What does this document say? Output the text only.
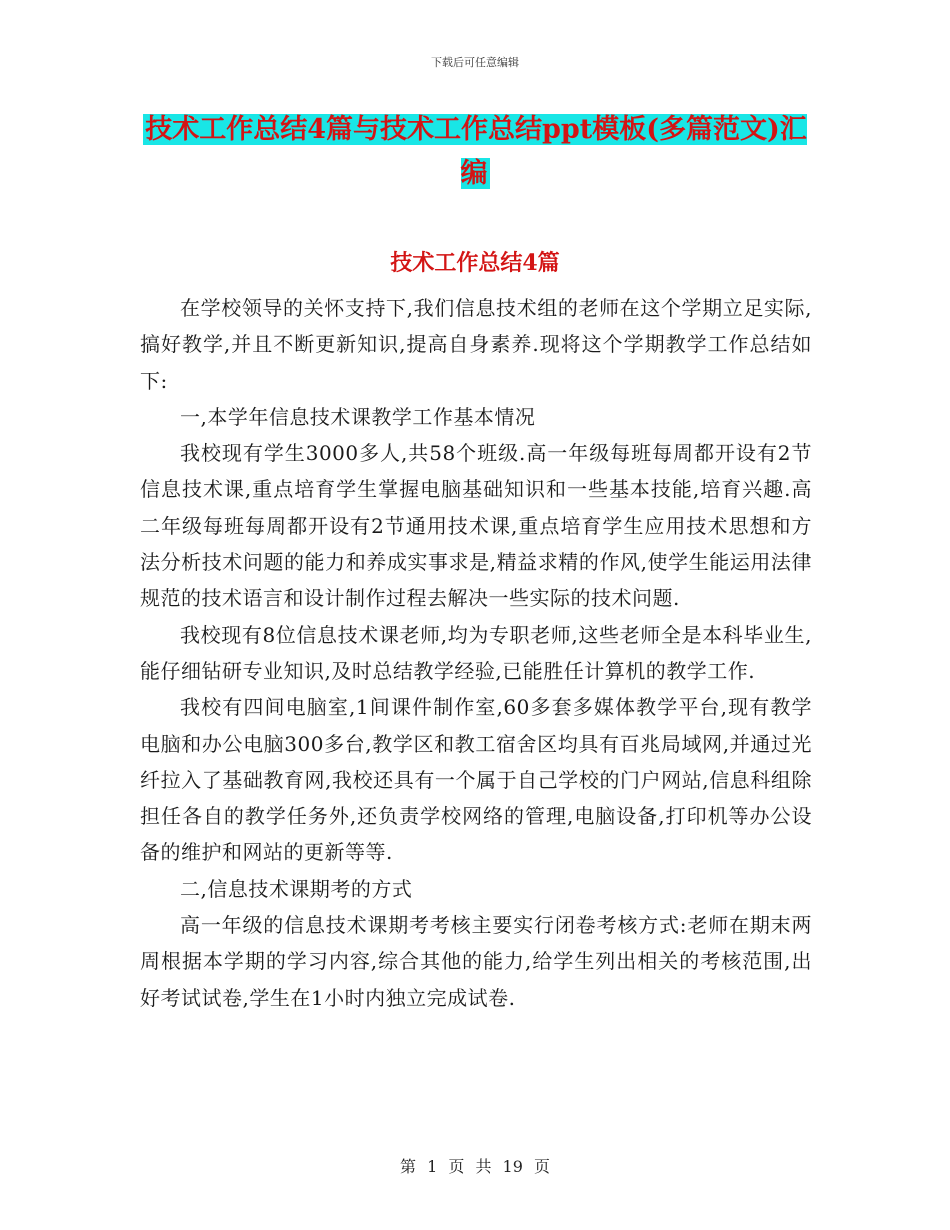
下载后可任意编辑
技术工作总结4篇与技术工作总结ppt模板(多篇范文)汇编
技术工作总结4篇

在学校领导的关怀支持下,我们信息技术组的老师在这个学期立足实际,搞好教学,并且不断更新知识,提高自身素养.现将这个学期教学工作总结如下:

一,本学年信息技术课教学工作基本情况

我校现有学生3000多人,共58个班级.高一年级每班每周都开设有2节信息技术课,重点培育学生掌握电脑基础知识和一些基本技能,培育兴趣.高二年级每班每周都开设有2节通用技术课,重点培育学生应用技术思想和方法分析技术问题的能力和养成实事求是,精益求精的作风,使学生能运用法律规范的技术语言和设计制作过程去解决一些实际的技术问题.

我校现有8位信息技术课老师,均为专职老师,这些老师全是本科毕业生,能仔细钻研专业知识,及时总结教学经验,已能胜任计算机的教学工作.

我校有四间电脑室,1间课件制作室,60多套多媒体教学平台,现有教学电脑和办公电脑300多台,教学区和教工宿舍区均具有百兆局域网,并通过光纤拉入了基础教育网,我校还具有一个属于自己学校的门户网站,信息科组除担任各自的教学任务外,还负责学校网络的管理,电脑设备,打印机等办公设备的维护和网站的更新等等.

二,信息技术课期考的方式

高一年级的信息技术课期考考核主要实行闭卷考核方式:老师在期末两周根据本学期的学习内容,综合其他的能力,给学生列出相关的考核范围,出好考试试卷,学生在1小时内独立完成试卷.

第 1 页 共 19 页
